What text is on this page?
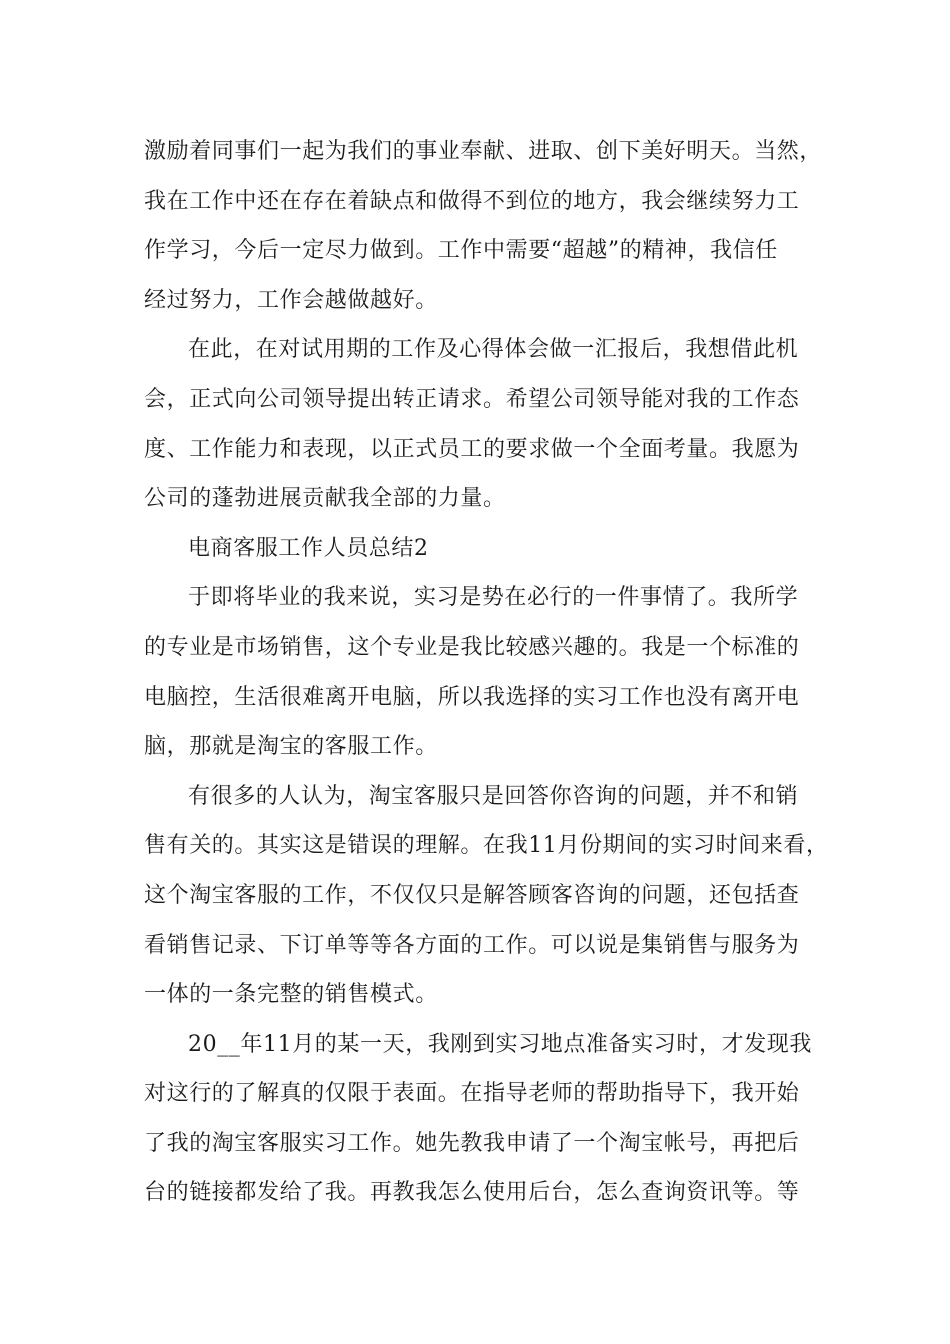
激励着同事们一起为我们的事业奉献、进取、创下美好明天。当然，
我在工作中还在存在着缺点和做得不到位的地方，我会继续努力工
作学习，今后一定尽力做到。工作中需要“超越”的精神，我信任
经过努力，工作会越做越好。
在此，在对试用期的工作及心得体会做一汇报后，我想借此机
会，正式向公司领导提出转正请求。希望公司领导能对我的工作态
度、工作能力和表现，以正式员工的要求做一个全面考量。我愿为
公司的蓬勃进展贡献我全部的力量。
电商客服工作人员总结2
于即将毕业的我来说，实习是势在必行的一件事情了。我所学
的专业是市场销售，这个专业是我比较感兴趣的。我是一个标准的
电脑控，生活很难离开电脑，所以我选择的实习工作也没有离开电
脑，那就是淘宝的客服工作。
有很多的人认为，淘宝客服只是回答你咨询的问题，并不和销
售有关的。其实这是错误的理解。在我11月份期间的实习时间来看，
这个淘宝客服的工作，不仅仅只是解答顾客咨询的问题，还包括查
看销售记录、下订单等等各方面的工作。可以说是集销售与服务为
一体的一条完整的销售模式。
20__年11月的某一天，我刚到实习地点准备实习时，才发现我
对这行的了解真的仅限于表面。在指导老师的帮助指导下，我开始
了我的淘宝客服实习工作。她先教我申请了一个淘宝帐号，再把后
台的链接都发给了我。再教我怎么使用后台，怎么查询资讯等。等
